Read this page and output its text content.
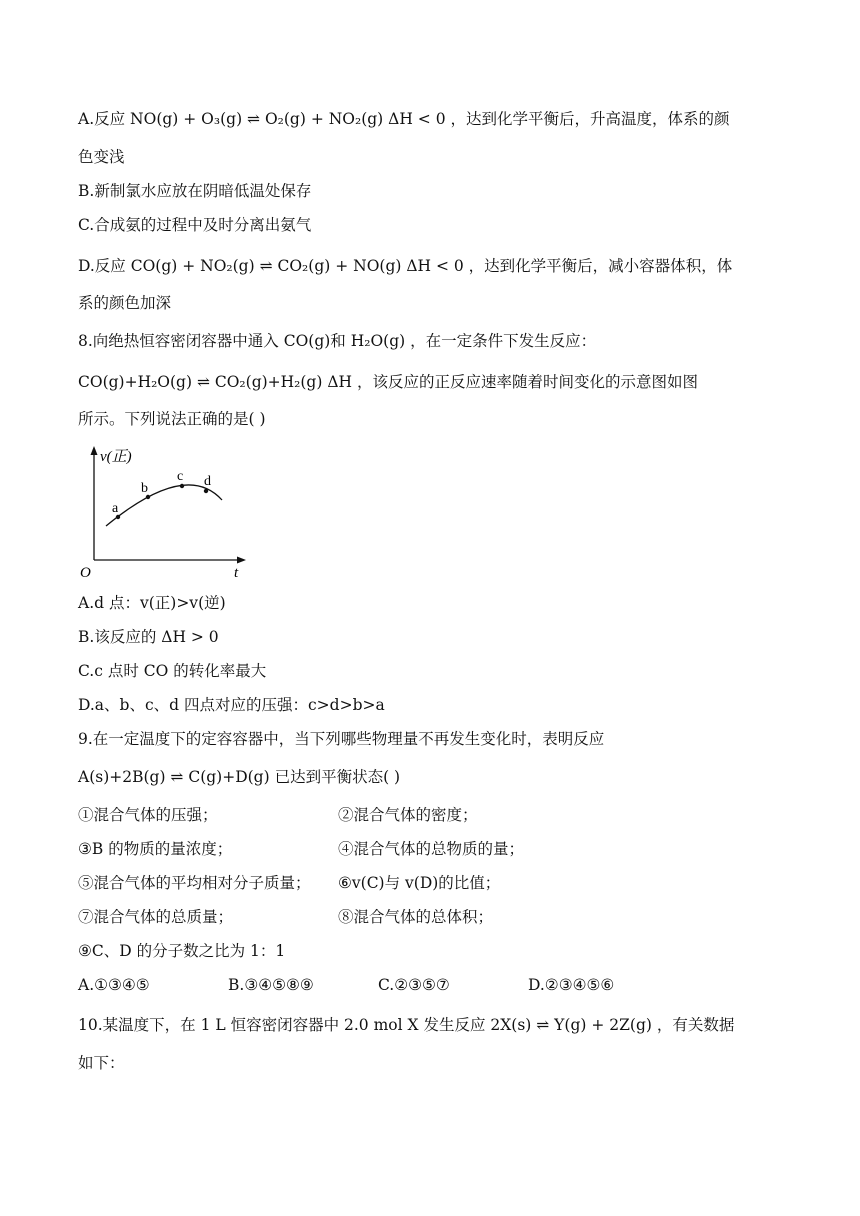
A.反应 NO(g) + O₃(g) ⇌ O₂(g) + NO₂(g) ΔH < 0 ，达到化学平衡后，升高温度，体系的颜
色变浅
B.新制氯水应放在阴暗低温处保存
C.合成氨的过程中及时分离出氨气
D.反应 CO(g) + NO₂(g) ⇌ CO₂(g) + NO(g) ΔH < 0 ，达到化学平衡后，减小容器体积，体
系的颜色加深
8.向绝热恒容密闭容器中通入 CO(g)和 H₂O(g) ，在一定条件下发生反应：
CO(g)+H₂O(g) ⇌ CO₂(g)+H₂(g) ΔH ，该反应的正反应速率随着时间变化的示意图如图
所示。下列说法正确的是( )
a
b
c d
v(正)
t
O
A.d 点：v(正)>v(逆)
B.该反应的 ΔH > 0
C.c 点时 CO 的转化率最大
D.a、b、c、d 四点对应的压强：c>d>b>a
9.在一定温度下的定容容器中，当下列哪些物理量不再发生变化时，表明反应
A(s)+2B(g) ⇌ C(g)+D(g) 已达到平衡状态( )
①混合气体的压强；	②混合气体的密度；
③B 的物质的量浓度；	④混合气体的总物质的量；
⑤混合气体的平均相对分子质量； ⑥v(C)与 v(D)的比值；
⑦混合气体的总质量；	⑧混合气体的总体积；
⑨C、D 的分子数之比为 1：1
A.①③④⑤	B.③④⑤⑧⑨	C.②③⑤⑦	D.②③④⑤⑥
10.某温度下，在 1 L 恒容密闭容器中 2.0 mol X 发生反应 2X(s) ⇌ Y(g) + 2Z(g) ，有关数据
如下：
